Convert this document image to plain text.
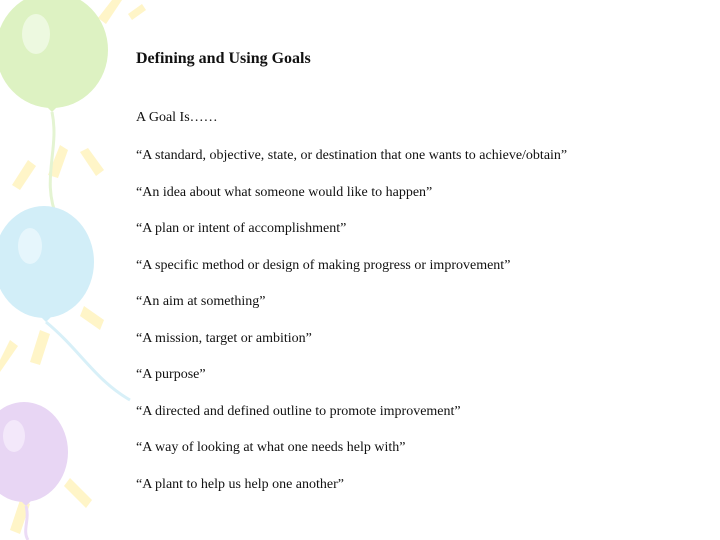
Defining and Using Goals
A Goal Is……
“A standard, objective, state, or destination that one wants to achieve/obtain”
“An idea about what someone would like to happen”
“A plan or intent of accomplishment”
“A specific method or design of making progress or improvement”
“An aim at something”
“A mission, target or ambition”
“A purpose”
“A directed and defined outline to promote improvement”
“A way of looking at what one needs help with”
“A plant to help us help one another”
